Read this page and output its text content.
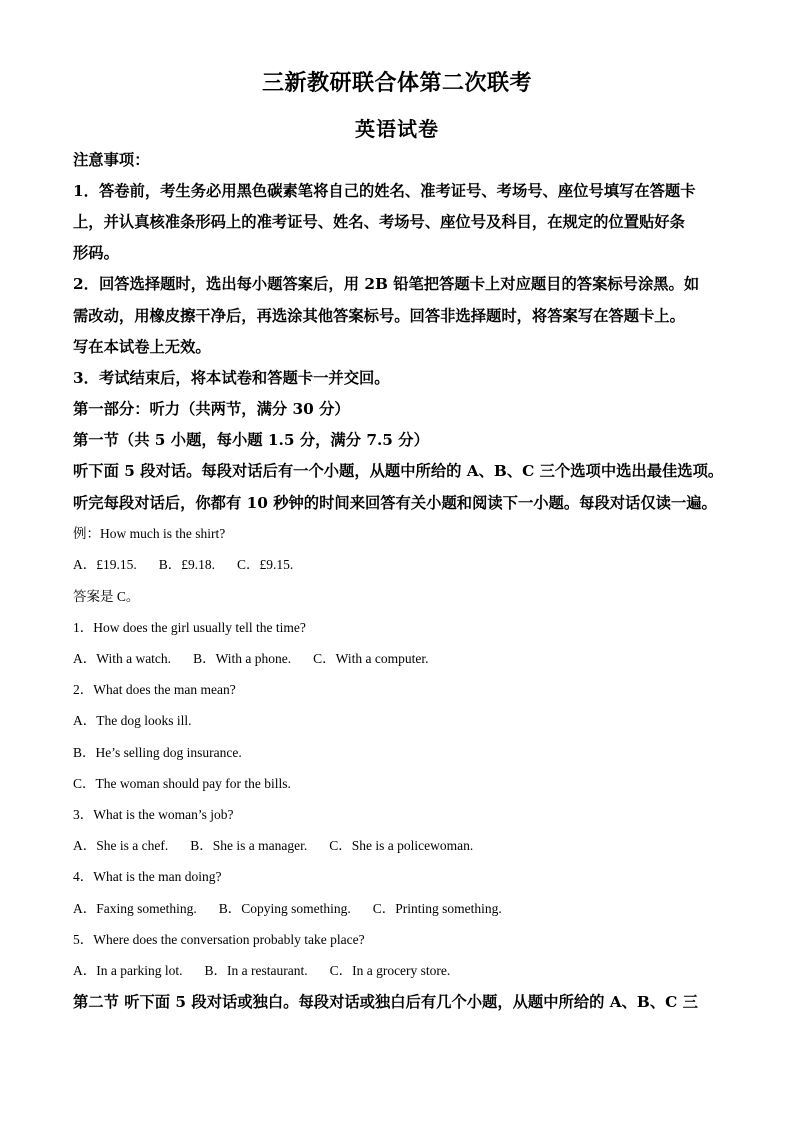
三新教研联合体第二次联考
英语试卷
注意事项：
1．答卷前，考生务必用黑色碳素笔将自己的姓名、准考证号、考场号、座位号填写在答题卡
上，并认真核准条形码上的准考证号、姓名、考场号、座位号及科目，在规定的位置贴好条
形码。
2．回答选择题时，选出每小题答案后，用 2B 铅笔把答题卡上对应题目的答案标号涂黑。如
需改动，用橡皮擦干净后，再选涂其他答案标号。回答非选择题时，将答案写在答题卡上。
写在本试卷上无效。
3．考试结束后，将本试卷和答题卡一并交回。
第一部分：听力（共两节，满分 30 分）
第一节（共 5 小题，每小题 1.5 分，满分 7.5 分）
听下面 5 段对话。每段对话后有一个小题，从题中所给的 A、B、C 三个选项中选出最佳选项。
听完每段对话后，你都有 10 秒钟的时间来回答有关小题和阅读下一小题。每段对话仅读一遍。
例：How much is the shirt?
A．£19.15. B．£9.18. C．£9.15.
答案是 C。
1．How does the girl usually tell the time?
A．With a watch. B．With a phone. C．With a computer.
2．What does the man mean?
A．The dog looks ill.
B．He’s selling dog insurance.
C．The woman should pay for the bills.
3．What is the woman’s job?
A．She is a chef. B．She is a manager. C．She is a policewoman.
4．What is the man doing?
A．Faxing something. B．Copying something. C．Printing something.
5．Where does the conversation probably take place?
A．In a parking lot. B．In a restaurant. C．In a grocery store.
第二节 听下面 5 段对话或独白。每段对话或独白后有几个小题，从题中所给的 A、B、C 三
